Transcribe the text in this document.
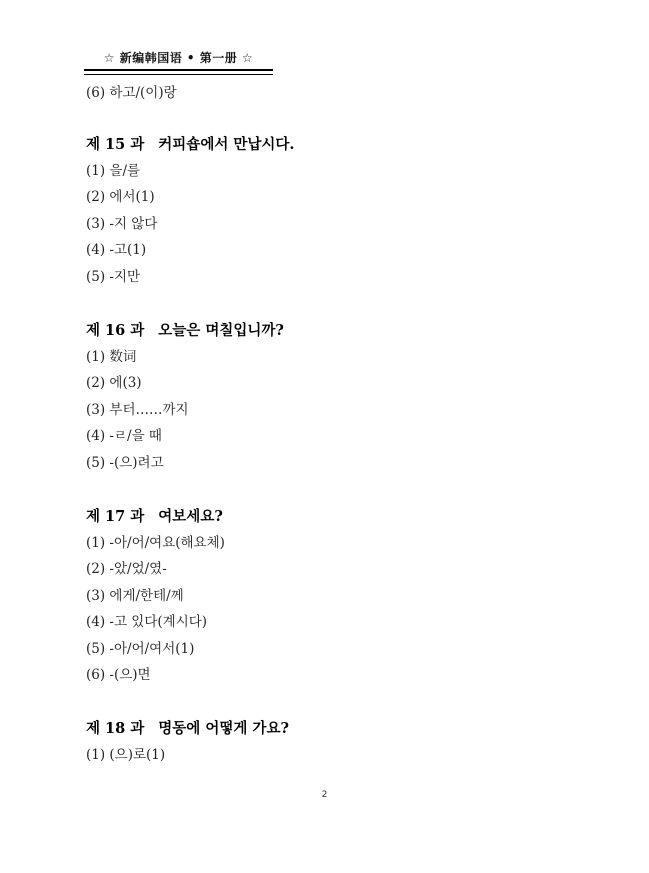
☆ 新编韩国语 • 第一册 ☆
(6) 하고/(이)랑
제 15 과 커피숍에서 만납시다.
(1) 을/를
(2) 에서(1)
(3) -지 않다
(4) -고(1)
(5) -지만
제 16 과 오늘은 며칠입니까?
(1) 数词
(2) 에(3)
(3) 부터……까지
(4) -ㄹ/을 때
(5) -(으)려고
제 17 과 여보세요?
(1) -아/어/여요(해요체)
(2) -았/었/였-
(3) 에게/한테/께
(4) -고 있다(계시다)
(5) -아/어/여서(1)
(6) -(으)면
제 18 과 명동에 어떻게 가요?
(1) (으)로(1)
2
